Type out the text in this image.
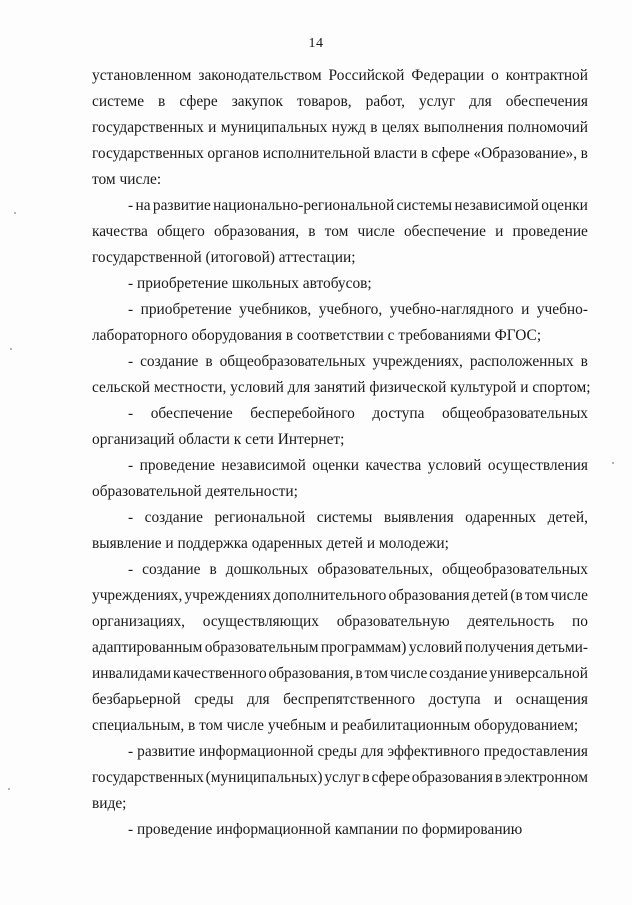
14
установленном законодательством Российской Федерации о контрактной
системе в сфере закупок товаров, работ, услуг для обеспечения
государственных и муниципальных нужд в целях выполнения полномочий
государственных органов исполнительной власти в сфере «Образование», в
том числе:
- на развитие национально-региональной системы независимой оценки
качества общего образования, в том числе обеспечение и проведение
государственной (итоговой) аттестации;
- приобретение школьных автобусов;
- приобретение учебников, учебного, учебно-наглядного и учебно-
лабораторного оборудования в соответствии с требованиями ФГОС;
- создание в общеобразовательных учреждениях, расположенных в
сельской местности, условий для занятий физической культурой и спортом;
- обеспечение бесперебойного доступа общеобразовательных
организаций области к сети Интернет;
- проведение независимой оценки качества условий осуществления
образовательной деятельности;
- создание региональной системы выявления одаренных детей,
выявление и поддержка одаренных детей и молодежи;
- создание в дошкольных образовательных, общеобразовательных
учреждениях, учреждениях дополнительного образования детей (в том числе
организациях, осуществляющих образовательную деятельность по
адаптированным образовательным программам) условий получения детьми-
инвалидами качественного образования, в том числе создание универсальной
безбарьерной среды для беспрепятственного доступа и оснащения
специальным, в том числе учебным и реабилитационным оборудованием;
- развитие информационной среды для эффективного предоставления
государственных (муниципальных) услуг в сфере образования в электронном
виде;
- проведение информационной кампании по формированию
